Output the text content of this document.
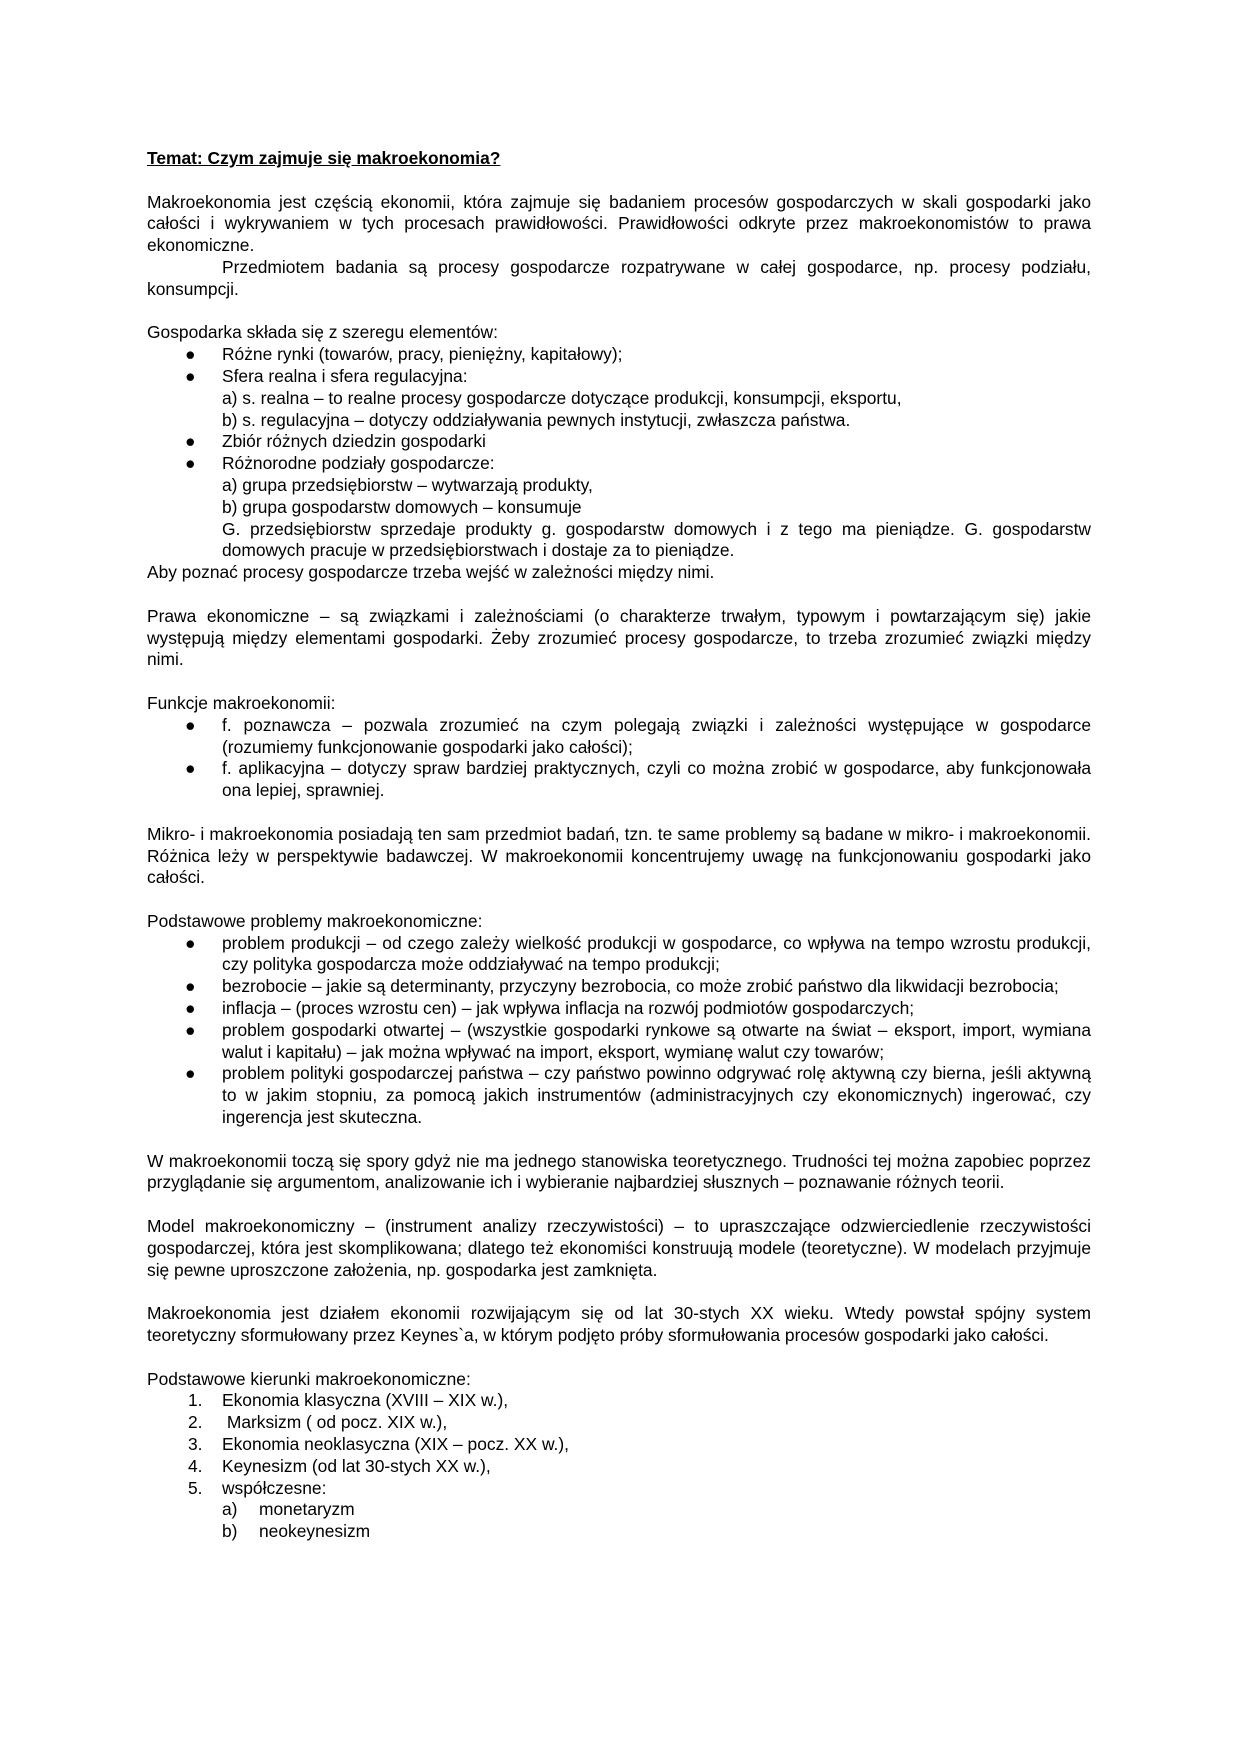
Temat: Czym zajmuje się makroekonomia?

Makroekonomia jest częścią ekonomii, która zajmuje się badaniem procesów gospodarczych w skali gospodarki jako całości i wykrywaniem w tych procesach prawidłowości. Prawidłowości odkryte przez makroekonomistów to prawa ekonomiczne.

Przedmiotem badania są procesy gospodarcze rozpatrywane w całej gospodarce, np. procesy podziału, konsumpcji.

Gospodarka składa się z szeregu elementów:

● Różne rynki (towarów, pracy, pieniężny, kapitałowy);
● Sfera realna i sfera regulacyjna:

a) s. realna – to realne procesy gospodarcze dotyczące produkcji, konsumpcji, eksportu,

b) s. regulacyjna – dotyczy oddziaływania pewnych instytucji, zwłaszcza państwa.

● Zbiór różnych dziedzin gospodarki
● Różnorodne podziały gospodarcze:

a) grupa przedsiębiorstw – wytwarzają produkty,

b) grupa gospodarstw domowych – konsumuje

G. przedsiębiorstw sprzedaje produkty g. gospodarstw domowych i z tego ma pieniądze. G. gospodarstw domowych pracuje w przedsiębiorstwach i dostaje za to pieniądze.

Aby poznać procesy gospodarcze trzeba wejść w zależności między nimi.

Prawa ekonomiczne – są związkami i zależnościami (o charakterze trwałym, typowym i powtarzającym się) jakie występują między elementami gospodarki. Żeby zrozumieć procesy gospodarcze, to trzeba zrozumieć związki między nimi.

Funkcje makroekonomii:

● f. poznawcza – pozwala zrozumieć na czym polegają związki i zależności występujące w gospodarce (rozumiemy funkcjonowanie gospodarki jako całości);
● f. aplikacyjna – dotyczy spraw bardziej praktycznych, czyli co można zrobić w gospodarce, aby funkcjonowała ona lepiej, sprawniej.

Mikro- i makroekonomia posiadają ten sam przedmiot badań, tzn. te same problemy są badane w mikro- i makroekonomii. Różnica leży w perspektywie badawczej. W makroekonomii koncentrujemy uwagę na funkcjonowaniu gospodarki jako całości.

Podstawowe problemy makroekonomiczne:

● problem produkcji – od czego zależy wielkość produkcji w gospodarce, co wpływa na tempo wzrostu produkcji, czy polityka gospodarcza może oddziaływać na tempo produkcji;
● bezrobocie – jakie są determinanty, przyczyny bezrobocia, co może zrobić państwo dla likwidacji bezrobocia;
● inflacja – (proces wzrostu cen) – jak wpływa inflacja na rozwój podmiotów gospodarczych;
● problem gospodarki otwartej – (wszystkie gospodarki rynkowe są otwarte na świat – eksport, import, wymiana walut i kapitału) – jak można wpływać na import, eksport, wymianę walut czy towarów;
● problem polityki gospodarczej państwa – czy państwo powinno odgrywać rolę aktywną czy bierna, jeśli aktywną to w jakim stopniu, za pomocą jakich instrumentów (administracyjnych czy ekonomicznych) ingerować, czy ingerencja jest skuteczna.

W makroekonomii toczą się spory gdyż nie ma jednego stanowiska teoretycznego. Trudności tej można zapobiec poprzez przyglądanie się argumentom, analizowanie ich i wybieranie najbardziej słusznych – poznawanie różnych teorii.

Model makroekonomiczny – (instrument analizy rzeczywistości) – to upraszczające odzwierciedlenie rzeczywistości gospodarczej, która jest skomplikowana; dlatego też ekonomiści konstruują modele (teoretyczne). W modelach przyjmuje się pewne uproszczone założenia, np. gospodarka jest zamknięta.

Makroekonomia jest działem ekonomii rozwijającym się od lat 30-stych XX wieku. Wtedy powstał spójny system teoretyczny sformułowany przez Keynes`a, w którym podjęto próby sformułowania procesów gospodarki jako całości.

Podstawowe kierunki makroekonomiczne:

1. Ekonomia klasyczna (XVIII – XIX w.),
2. Marksizm ( od pocz. XIX w.),
3. Ekonomia neoklasyczna (XIX – pocz. XX w.),
4. Keynesizm (od lat 30-stych XX w.),
5. współczesne:
a) monetaryzm
b) neokeynesizm
